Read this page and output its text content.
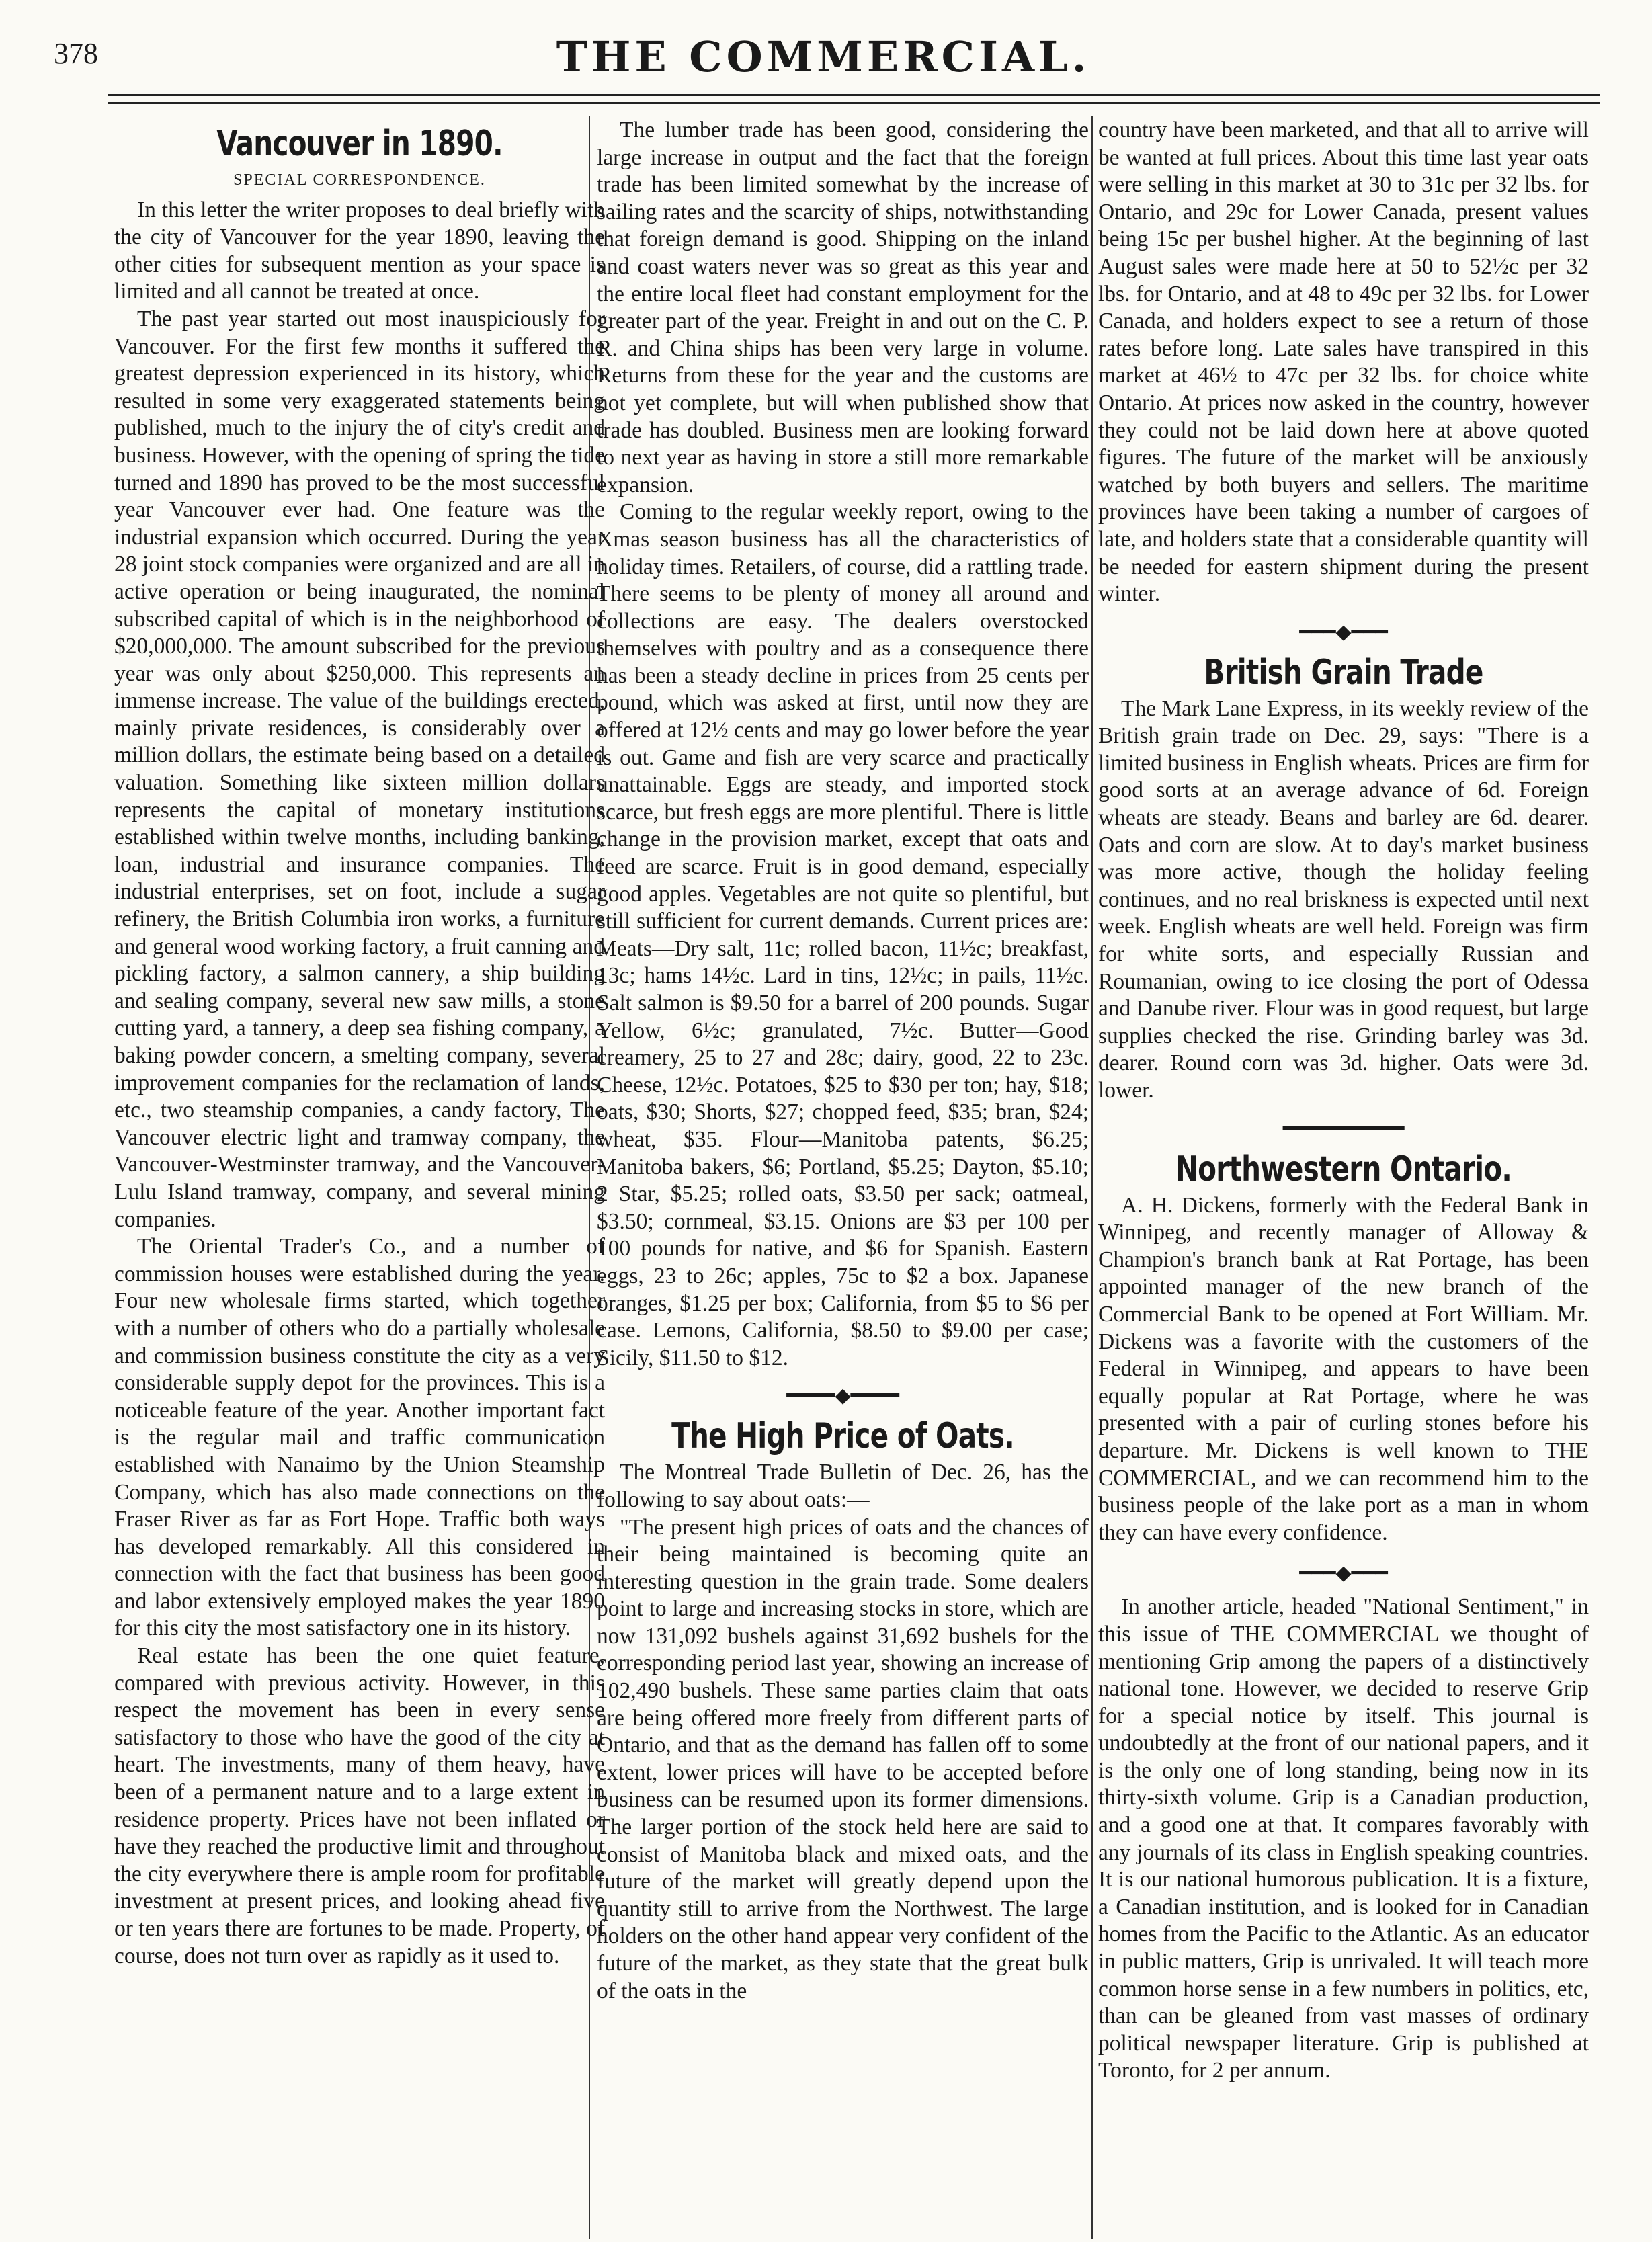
378	THE COMMERCIAL.
Vancouver in 1890.

SPECIAL CORRESPONDENCE.

In this letter the writer proposes to deal briefly with the city of Vancouver for the year 1890, leaving the other cities for subsequent mention as your space is limited and all cannot be treated at once.

The past year started out most inauspiciously for Vancouver. For the first few months it suffered the greatest depression experienced in its history, which resulted in some very exaggerated statements being published, much to the injury the of city's credit and business. However, with the opening of spring the tide turned and 1890 has proved to be the most successful year Vancouver ever had. One feature was the industrial expansion which occurred. During the year 28 joint stock companies were organized and are all in active operation or being inaugurated, the nominal subscribed capital of which is in the neighborhood of $20,000,000. The amount subscribed for the previous year was only about $250,000. This represents an immense increase. The value of the buildings erected, mainly private residences, is considerably over a million dollars, the estimate being based on a detailed valuation. Something like sixteen million dollars represents the capital of monetary institutions established within twelve months, including banking, loan, industrial and insurance companies. The industrial enterprises, set on foot, include a sugar refinery, the British Columbia iron works, a furniture and general wood working factory, a fruit canning and pickling factory, a salmon cannery, a ship building and sealing company, several new saw mills, a stone cutting yard, a tannery, a deep sea fishing company, a baking powder concern, a smelting company, several improvement companies for the reclamation of lands, etc., two steamship companies, a candy factory, The Vancouver electric light and tramway company, the Vancouver-Westminster tramway, and the Vancouver-Lulu Island tramway, company, and several mining companies.

The Oriental Trader's Co., and a number of commission houses were established during the year. Four new wholesale firms started, which together with a number of others who do a partially wholesale and commission business constitute the city as a very considerable supply depot for the provinces. This is a noticeable feature of the year. Another important fact is the regular mail and traffic communication established with Nanaimo by the Union Steamship Company, which has also made connections on the Fraser River as far as Fort Hope. Traffic both ways has developed remarkably. All this considered in connection with the fact that business has been good and labor extensively employed makes the year 1890 for this city the most satisfactory one in its history.

Real estate has been the one quiet feature, compared with previous activity. However, in this respect the movement has been in every sense satisfactory to those who have the good of the city at heart. The investments, many of them heavy, have been of a permanent nature and to a large extent in residence property. Prices have not been inflated or have they reached the productive limit and throughout the city everywhere there is ample room for profitable investment at present prices, and looking ahead five or ten years there are fortunes to be made. Property, of course, does not turn over as rapidly as it used to.

The lumber trade has been good, considering the large increase in output and the fact that the foreign trade has been limited somewhat by the increase of sailing rates and the scarcity of ships, notwithstanding that foreign demand is good. Shipping on the inland and coast waters never was so great as this year and the entire local fleet had constant employment for the greater part of the year. Freight in and out on the C. P. R. and China ships has been very large in volume. Returns from these for the year and the customs are not yet complete, but will when published show that trade has doubled. Business men are looking forward to next year as having in store a still more remarkable expansion.

Coming to the regular weekly report, owing to the Xmas season business has all the characteristics of holiday times. Retailers, of course, did a rattling trade. There seems to be plenty of money all around and collections are easy. The dealers overstocked themselves with poultry and as a consequence there has been a steady decline in prices from 25 cents per pound, which was asked at first, until now they are offered at 12½ cents and may go lower before the year is out. Game and fish are very scarce and practically unattainable. Eggs are steady, and imported stock scarce, but fresh eggs are more plentiful. There is little change in the provision market, except that oats and feed are scarce. Fruit is in good demand, especially good apples. Vegetables are not quite so plentiful, but still sufficient for current demands. Current prices are: Meats—Dry salt, 11c; rolled bacon, 11½c; breakfast, 13c; hams 14½c. Lard in tins, 12½c; in pails, 11½c. Salt salmon is $9.50 for a barrel of 200 pounds. Sugar Yellow, 6½c; granulated, 7½c. Butter—Good creamery, 25 to 27 and 28c; dairy, good, 22 to 23c. Cheese, 12½c. Potatoes, $25 to $30 per ton; hay, $18; oats, $30; Shorts, $27; chopped feed, $35; bran, $24; wheat, $35. Flour—Manitoba patents, $6.25; Manitoba bakers, $6; Portland, $5.25; Dayton, $5.10; 2 Star, $5.25; rolled oats, $3.50 per sack; oatmeal, $3.50; cornmeal, $3.15. Onions are $3 per 100 per 100 pounds for native, and $6 for Spanish. Eastern eggs, 23 to 26c; apples, 75c to $2 a box. Japanese oranges, $1.25 per box; California, from $5 to $6 per case. Lemons, California, $8.50 to $9.00 per case; Sicily, $11.50 to $12.

━━━━◆━━━━
The High Price of Oats.

The Montreal Trade Bulletin of Dec. 26, has the following to say about oats:—

"The present high prices of oats and the chances of their being maintained is becoming quite an interesting question in the grain trade. Some dealers point to large and increasing stocks in store, which are now 131,092 bushels against 31,692 bushels for the corresponding period last year, showing an increase of 102,490 bushels. These same parties claim that oats are being offered more freely from different parts of Ontario, and that as the demand has fallen off to some extent, lower prices will have to be accepted before business can be resumed upon its former dimensions. The larger portion of the stock held here are said to consist of Manitoba black and mixed oats, and the future of the market will greatly depend upon the quantity still to arrive from the Northwest. The large holders on the other hand appear very confident of the future of the market, as they state that the great bulk of the oats in the

country have been marketed, and that all to arrive will be wanted at full prices. About this time last year oats were selling in this market at 30 to 31c per 32 lbs. for Ontario, and 29c for Lower Canada, present values being 15c per bushel higher. At the beginning of last August sales were made here at 50 to 52½c per 32 lbs. for Ontario, and at 48 to 49c per 32 lbs. for Lower Canada, and holders expect to see a return of those rates before long. Late sales have transpired in this market at 46½ to 47c per 32 lbs. for choice white Ontario. At prices now asked in the country, however they could not be laid down here at above quoted figures. The future of the market will be anxiously watched by both buyers and sellers. The maritime provinces have been taking a number of cargoes of late, and holders state that a considerable quantity will be needed for eastern shipment during the present winter.

━━━◆━━━
British Grain Trade

The Mark Lane Express, in its weekly review of the British grain trade on Dec. 29, says: "There is a limited business in English wheats. Prices are firm for good sorts at an average advance of 6d. Foreign wheats are steady. Beans and barley are 6d. dearer. Oats and corn are slow. At to day's market business was more active, though the holiday feeling continues, and no real briskness is expected until next week. English wheats are well held. Foreign was firm for white sorts, and especially Russian and Roumanian, owing to ice closing the port of Odessa and Danube river. Flour was in good request, but large supplies checked the rise. Grinding barley was 3d. dearer. Round corn was 3d. higher. Oats were 3d. lower.

━━━━━━━━━━
Northwestern Ontario.

A. H. Dickens, formerly with the Federal Bank in Winnipeg, and recently manager of Alloway & Champion's branch bank at Rat Portage, has been appointed manager of the new branch of the Commercial Bank to be opened at Fort William. Mr. Dickens was a favorite with the customers of the Federal in Winnipeg, and appears to have been equally popular at Rat Portage, where he was presented with a pair of curling stones before his departure. Mr. Dickens is well known to THE COMMERCIAL, and we can recommend him to the business people of the lake port as a man in whom they can have every confidence.

━━━◆━━━

In another article, headed "National Sentiment," in this issue of THE COMMERCIAL we thought of mentioning Grip among the papers of a distinctively national tone. However, we decided to reserve Grip for a special notice by itself. This journal is undoubtedly at the front of our national papers, and it is the only one of long standing, being now in its thirty-sixth volume. Grip is a Canadian production, and a good one at that. It compares favorably with any journals of its class in English speaking countries. It is our national humorous publication. It is a fixture, a Canadian institution, and is looked for in Canadian homes from the Pacific to the Atlantic. As an educator in public matters, Grip is unrivaled. It will teach more common horse sense in a few numbers in politics, etc, than can be gleaned from vast masses of ordinary political newspaper literature. Grip is published at Toronto, for 2 per annum.
